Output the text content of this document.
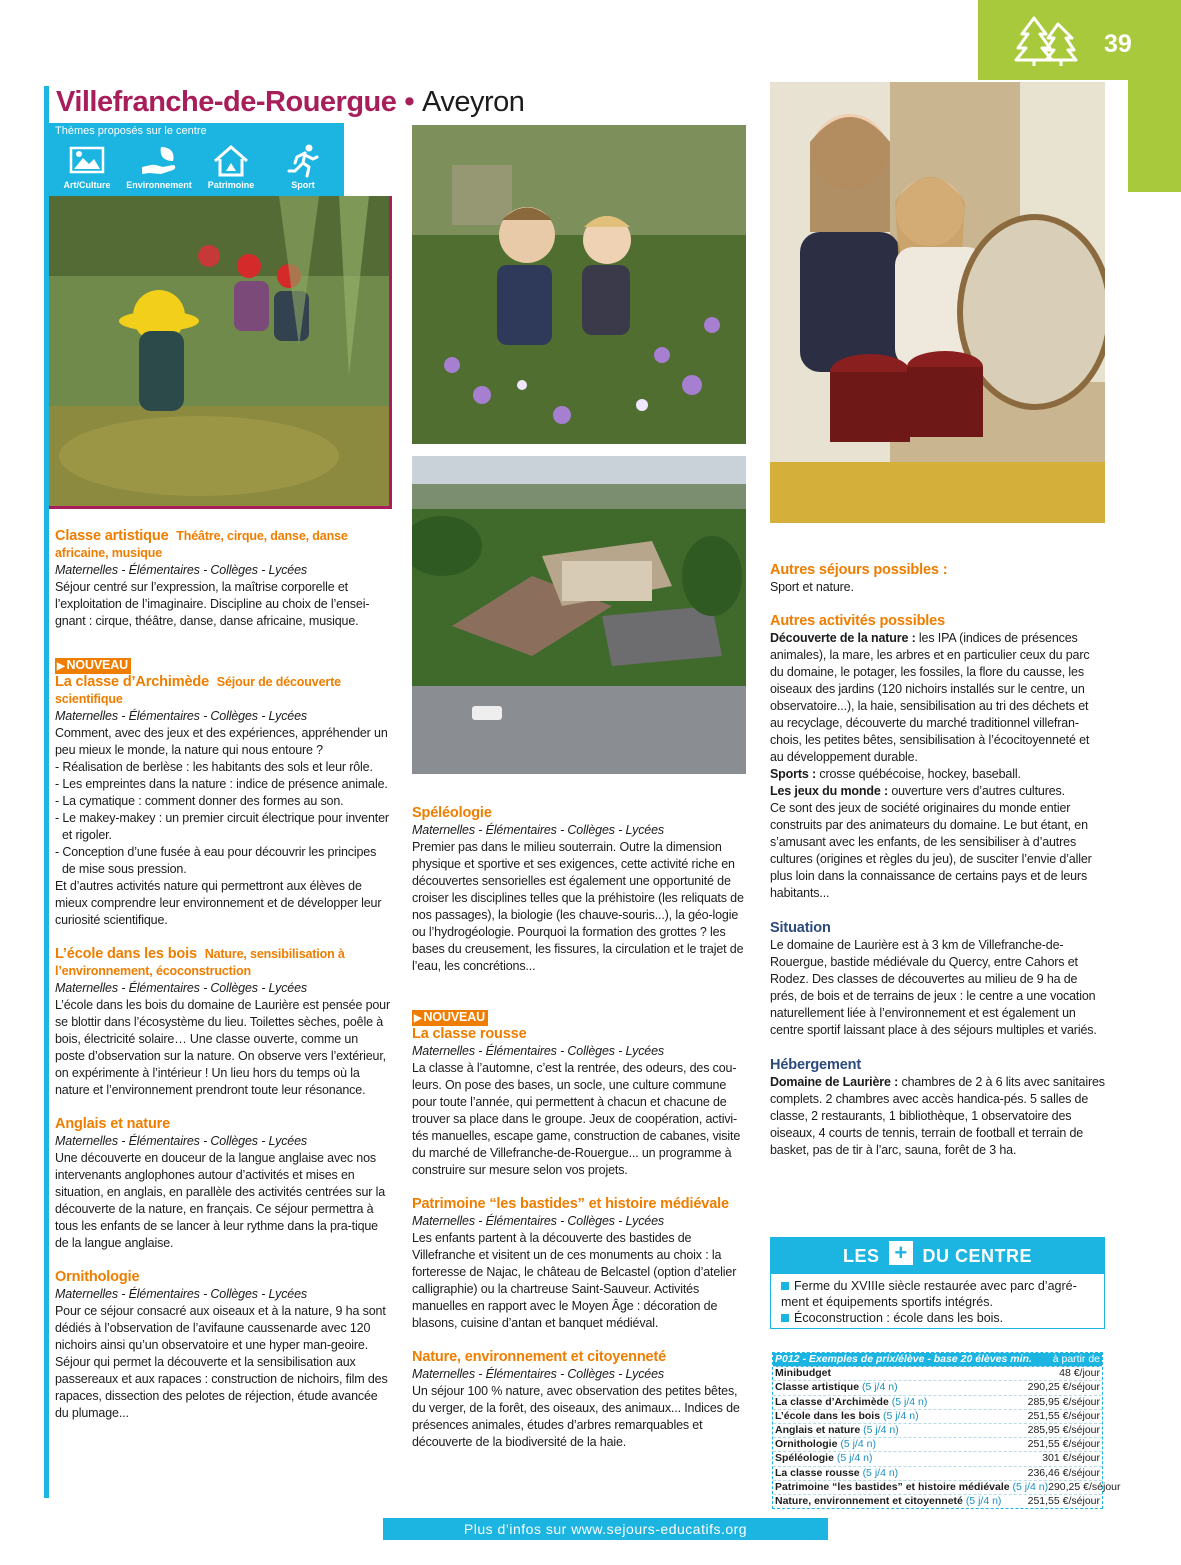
39
Villefranche-de-Rouergue • Aveyron
Thèmes proposés sur le centre
Art/Culture	Environnement	Patrimoine	Sport
Classe artistique Théâtre, cirque, danse, danse africaine, musique
Maternelles - Élémentaires - Collèges - Lycées

Séjour centré sur l’expression, la maîtrise corporelle et l’exploitation de l’imaginaire. Discipline au choix de l’ensei-gnant : cirque, théâtre, danse, danse africaine, musique.

▶ NOUVEAU
La classe d’Archimède Séjour de découverte scientifique
Maternelles - Élémentaires - Collèges - Lycées

Comment, avec des jeux et des expériences, appréhender un peu mieux le monde, la nature qui nous entoure ?

- Réalisation de berlèse : les habitants des sols et leur rôle.
- Les empreintes dans la nature : indice de présence animale.
- La cymatique : comment donner des formes au son.
- Le makey-makey : un premier circuit électrique pour inventer et rigoler.
- Conception d’une fusée à eau pour découvrir les principes de mise sous pression.

Et d’autres activités nature qui permettront aux élèves de mieux comprendre leur environnement et de développer leur curiosité scientifique.

L’école dans les bois Nature, sensibilisation à l’environnement, écoconstruction
Maternelles - Élémentaires - Collèges - Lycées

L’école dans les bois du domaine de Laurière est pensée pour se blottir dans l’écosystème du lieu. Toilettes sèches, poêle à bois, électricité solaire… Une classe ouverte, comme un poste d’observation sur la nature. On observe vers l’extérieur, on expérimente à l’intérieur ! Un lieu hors du temps où la nature et l’environnement prendront toute leur résonance.

Anglais et nature
Maternelles - Élémentaires - Collèges - Lycées

Une découverte en douceur de la langue anglaise avec nos intervenants anglophones autour d’activités et mises en situation, en anglais, en parallèle des activités centrées sur la découverte de la nature, en français. Ce séjour permettra à tous les enfants de se lancer à leur rythme dans la pra-tique de la langue anglaise.

Ornithologie
Maternelles - Élémentaires - Collèges - Lycées

Pour ce séjour consacré aux oiseaux et à la nature, 9 ha sont dédiés à l’observation de l’avifaune caussenarde avec 120 nichoirs ainsi qu’un observatoire et une hyper man-geoire. Séjour qui permet la découverte et la sensibilisation aux passereaux et aux rapaces : construction de nichoirs, film des rapaces, dissection des pelotes de réjection, étude avancée du plumage...

Spéléologie
Maternelles - Élémentaires - Collèges - Lycées

Premier pas dans le milieu souterrain. Outre la dimension physique et sportive et ses exigences, cette activité riche en découvertes sensorielles est également une opportunité de croiser les disciplines telles que la préhistoire (les reliquats de nos passages), la biologie (les chauve-souris...), la géo-logie ou l’hydrogéologie. Pourquoi la formation des grottes ? les bases du creusement, les fissures, la circulation et le trajet de l’eau, les concrétions...

▶ NOUVEAU
La classe rousse
Maternelles - Élémentaires - Collèges - Lycées

La classe à l’automne, c’est la rentrée, des odeurs, des cou-leurs. On pose des bases, un socle, une culture commune pour toute l’année, qui permettent à chacun et chacune de trouver sa place dans le groupe. Jeux de coopération, activi-tés manuelles, escape game, construction de cabanes, visite du marché de Villefranche-de-Rouergue... un programme à construire sur mesure selon vos projets.

Patrimoine “les bastides” et histoire médiévale
Maternelles - Élémentaires - Collèges - Lycées

Les enfants partent à la découverte des bastides de Villefranche et visitent un de ces monuments au choix : la forteresse de Najac, le château de Belcastel (option d’atelier calligraphie) ou la chartreuse Saint-Sauveur. Activités manuelles en rapport avec le Moyen Âge : décoration de blasons, cuisine d’antan et banquet médiéval.

Nature, environnement et citoyenneté
Maternelles - Élémentaires - Collèges - Lycées

Un séjour 100 % nature, avec observation des petites bêtes, du verger, de la forêt, des oiseaux, des animaux... Indices de présences animales, études d’arbres remarquables et découverte de la biodiversité de la haie.

Autres séjours possibles :

Sport et nature.

Autres activités possibles

Découverte de la nature : les IPA (indices de présences animales), la mare, les arbres et en particulier ceux du parc du domaine, le potager, les fossiles, la flore du causse, les oiseaux des jardins (120 nichoirs installés sur le centre, un observatoire...), la haie, sensibilisation au tri des déchets et au recyclage, découverte du marché traditionnel villefran-chois, les petites bêtes, sensibilisation à l’écocitoyenneté et au développement durable.

Sports : crosse québécoise, hockey, baseball.

Les jeux du monde : ouverture vers d’autres cultures.

Ce sont des jeux de société originaires du monde entier construits par des animateurs du domaine. Le but étant, en s’amusant avec les enfants, de les sensibiliser à d’autres cultures (origines et règles du jeu), de susciter l’envie d’aller plus loin dans la connaissance de certains pays et de leurs habitants...

Situation

Le domaine de Laurière est à 3 km de Villefranche-de-Rouergue, bastide médiévale du Quercy, entre Cahors et Rodez. Des classes de découvertes au milieu de 9 ha de prés, de bois et de terrains de jeux : le centre a une vocation naturellement liée à l’environnement et est également un centre sportif laissant place à des séjours multiples et variés.

Hébergement

Domaine de Laurière : chambres de 2 à 6 lits avec sanitaires complets. 2 chambres avec accès handica-pés. 5 salles de classe, 2 restaurants, 1 bibliothèque, 1 observatoire des oiseaux, 4 courts de tennis, terrain de football et terrain de basket, pas de tir à l’arc, sauna, forêt de 3 ha.

LES + DU CENTRE
Ferme du XVIIIe siècle restaurée avec parc d’agré-ment et équipements sportifs intégrés.
Écoconstruction : école dans les bois.
P012 - Exemples de prix/élève - base 20 élèves min. à partir de
Minibudget	48 €/jour
Classe artistique (5 j/4 n)	290,25 €/séjour
La classe d’Archimède (5 j/4 n)	285,95 €/séjour
L’école dans les bois (5 j/4 n)	251,55 €/séjour
Anglais et nature (5 j/4 n)	285,95 €/séjour
Ornithologie (5 j/4 n)	251,55 €/séjour
Spéléologie (5 j/4 n)	301 €/séjour
La classe rousse (5 j/4 n)	236,46 €/séjour
Patrimoine “les bastides” et histoire médiévale (5 j/4 n) 290,25 €/séjour
Nature, environnement et citoyenneté (5 j/4 n) 251,55 €/séjour
Plus d’infos sur www.sejours-educatifs.org
